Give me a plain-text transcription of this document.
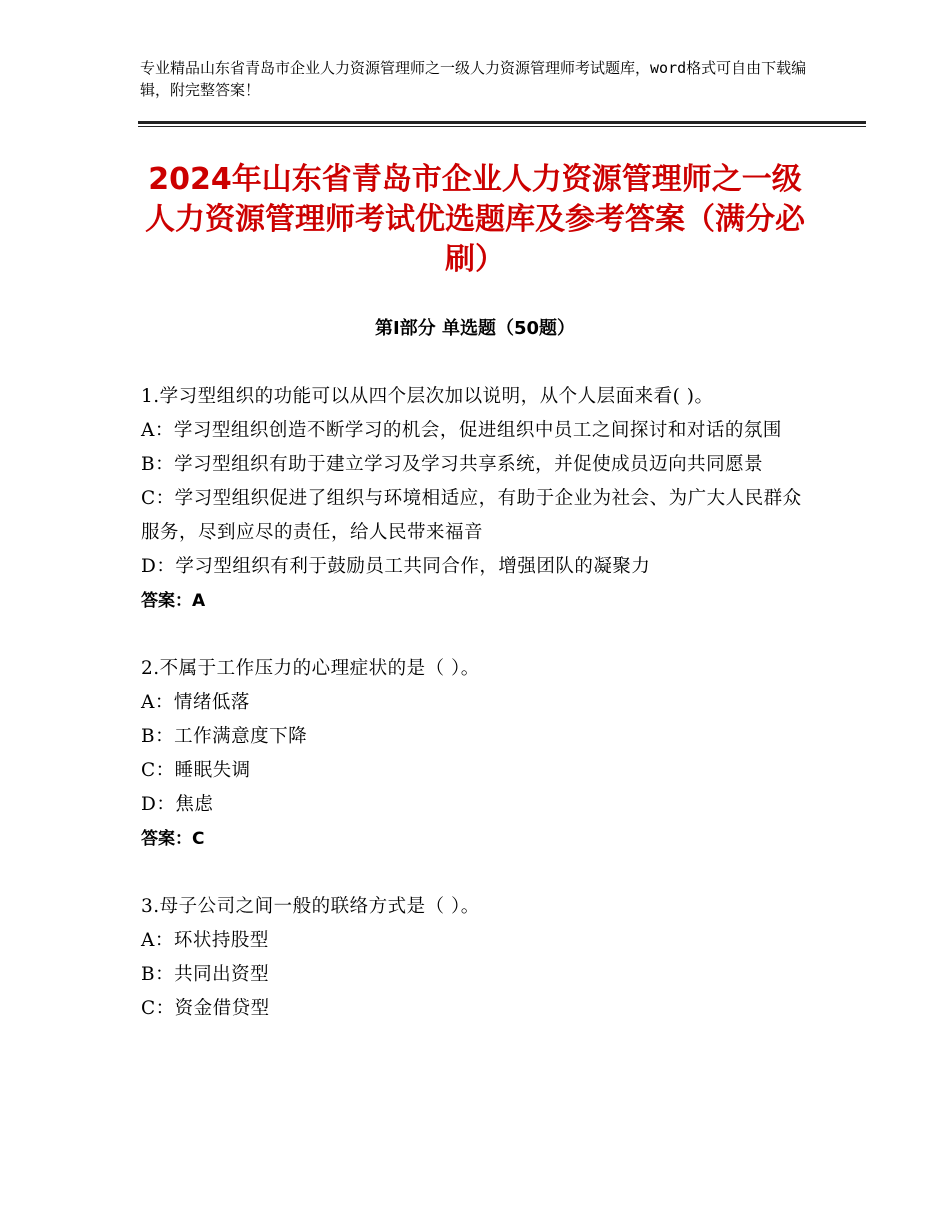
专业精品山东省青岛市企业人力资源管理师之一级人力资源管理师考试题库，word格式可自由下载编辑，附完整答案！
2024年山东省青岛市企业人力资源管理师之一级人力资源管理师考试优选题库及参考答案（满分必刷）
第Ⅰ部分 单选题（50题）
1.学习型组织的功能可以从四个层次加以说明，从个人层面来看( )。
A：学习型组织创造不断学习的机会，促进组织中员工之间探讨和对话的氛围
B：学习型组织有助于建立学习及学习共享系统，并促使成员迈向共同愿景
C：学习型组织促进了组织与环境相适应，有助于企业为社会、为广大人民群众服务，尽到应尽的责任，给人民带来福音
D：学习型组织有利于鼓励员工共同合作，增强团队的凝聚力
答案：A
2.不属于工作压力的心理症状的是（ ）。
A：情绪低落
B：工作满意度下降
C：睡眠失调
D：焦虑
答案：C
3.母子公司之间一般的联络方式是（ ）。
A：环状持股型
B：共同出资型
C：资金借贷型
